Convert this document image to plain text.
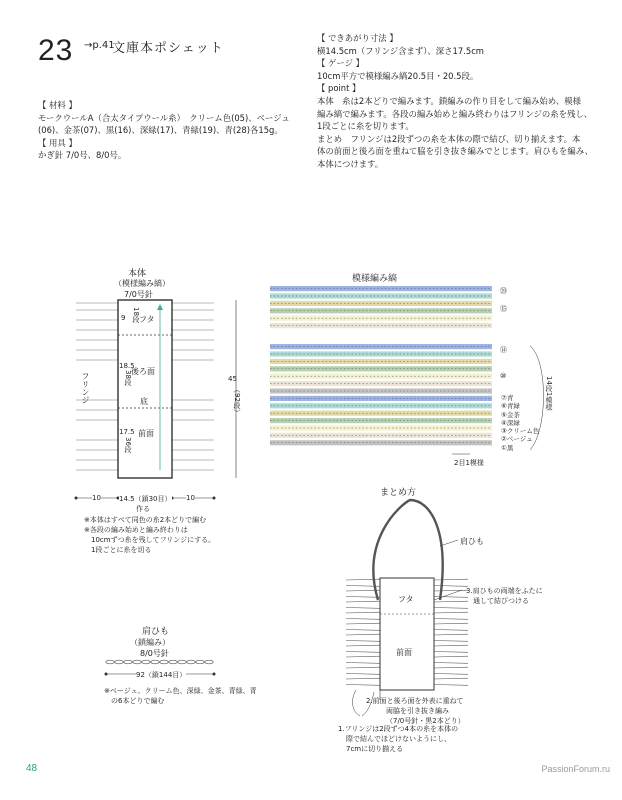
23 →p.41
文庫本ポシェット
【 材料 】
モークウールA（合太タイプウール糸）　クリーム色(05)、ベージュ
(06)、金茶(07)、黒(16)、深緑(17)、青緑(19)、青(28)各15g。
【 用具 】
かぎ針 7/0号、8/0号。
【 できあがり寸法 】
横14.5cm（フリンジ含まず）、深さ17.5cm
【 ゲージ 】
10cm平方で模様編み縞20.5目・20.5段。
【 point 】
本体　糸は2本どりで編みます。鎖編みの作り目をして編み始め、模様
編み縞で編みます。各段の編み始めと編み終わりはフリンジの糸を残し、
1段ごとに糸を切ります。
まとめ　フリンジは2段ずつの糸を本体の際で結び、切り揃えます。本
体の前面と後ろ面を重ねて脇を引き抜き編みでとじます。肩ひもを編み、
本体につけます。
本体
（模様編み縞）
7/0号針
フタ
後ろ面
底
前面
フリンジ
9 18段
18.5
38段
17.5
36段
45
（92段）
10	14.5（鎖30目）
作る
10
※本体はすべて同色の糸2本どりで編む
※各段の編み始めと編み終わりは
10cmずつ糸を残してフリンジにする。
1段ごとに糸を切る
模様編み縞
⑳
⑮
⑭
⑩	14段1模様
⑦青
⑥青緑
⑤金茶
④深緑
③クリーム色
②ベージュ
①黒
2目1模様
肩ひも
（鎖編み）
8/0号針
92（鎖144目）
※ベージュ、クリーム色、深緑、金茶、青緑、青
の6本どりで編む
まとめ方
肩ひも
フタ
前面
3.肩ひもの両端をふたに
通して結びつける
2.前面と後ろ面を外表に重ねて
両脇を引き抜き編み
（7/0号針・黒2本どり）
1.フリンジは2段ずつ4本の糸を本体の
際で結んでほどけないようにし、
7cmに切り揃える
48	PassionForum.ru
